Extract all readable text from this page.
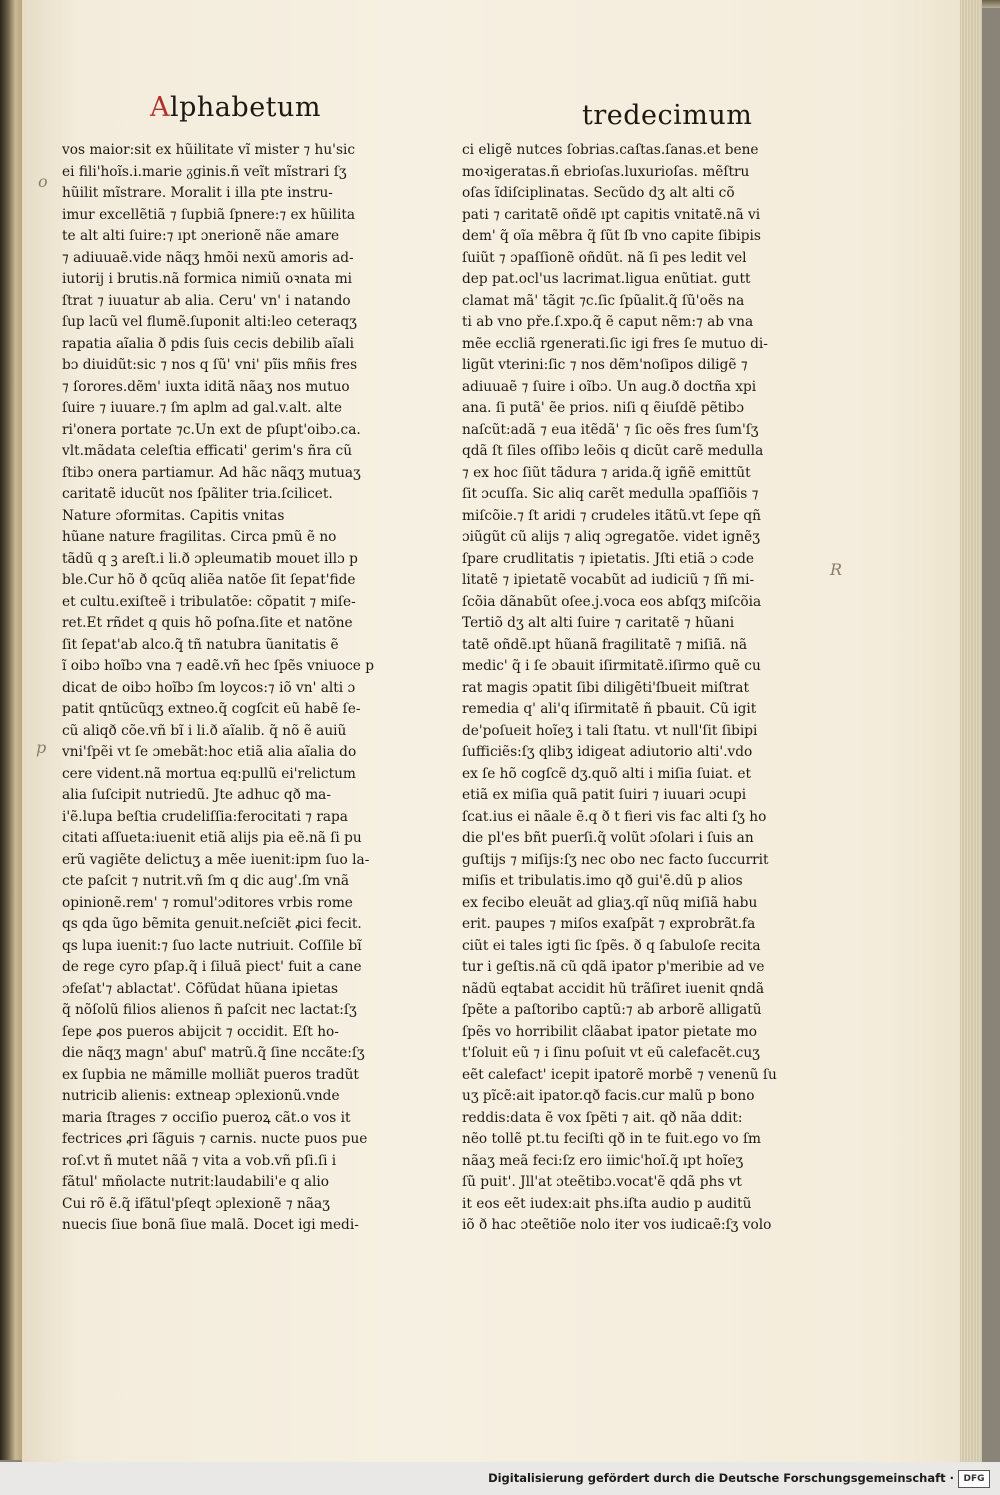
Alphabetum	tredecimum
vos maior:sit ex hũilitate vĩ mister ⁊ hu'sic
ei fili'hoĩs.i.marie ᵹginis.ñ veĩt mĩstrari ſʒ
hũilit mĩstrare. Moralit i illa pte instru-
imur excellẽtiã ⁊ ſupbiã ſpnere:⁊ ex hũilita
te alt alti ſuire:⁊ ıpt ɔnerionẽ nãe amare
⁊ adiuuaẽ.vide nãqʒ hmõi nexũ amoris ad-
iutorij i brutis.nã formica nimiũ oꝛnata mi
ſtrat ⁊ iuuatur ab alia. Ceru' vn' i natando
ſup lacũ vel flumẽ.ſuponit alti:leo ceteraqʒ
rapatia aĩalia ð pdis ſuis cecis debilib aĩali
bɔ diuidũt:sic ⁊ nos q ſũ' vni' pĩis mñis fres
⁊ ſorores.dẽm' iuxta iditã nãaʒ nos mutuo
ſuire ⁊ iuuare.⁊ ſm aplm ad gal.v.alt. alte
ri'onera portate ⁊c.Un ext de pſupt'oibɔ.ca.
vlt.mãdata celeſtia efficati' gerim's ñra cũ
ſtibɔ onera partiamur. Ad hãc nãqʒ mutuaʒ
caritatẽ iducũt nos ſpãliter tria.ſcilicet.
Nature ɔformitas. Capitis vnitas
hũane nature fragilitas. Circa pmũ ẽ no
tãdũ q ꝫ areſt.i li.ð ɔpleumatib mouet illɔ p
ble.Cur hõ ð qcũq aliẽa natõe ſit ſepat'fide
et cultu.exiſteẽ i tribulatõe: cõpatit ⁊ miſe-
ret.Et rñdet q quis hõ poſna.ſite et natõne
ſit ſepat'ab alco.q̃ tñ natubra ũanitatis ẽ
ĩ oibɔ hoĩbɔ vna ⁊ eadẽ.vñ hec ſpẽs vniuoce p
dicat de oibɔ hoĩbɔ ſm loycos:⁊ iõ vn' alti ɔ
patit qntũcũqʒ extneo.q̃ cogſcit eũ habẽ ſe-
cũ aliqð cõe.vñ bĩ i li.ð aĩalib. q̃ nõ ẽ auiũ
vni'ſpẽi vt ſe ɔmebãt:hoc etiã alia aĩalia do
cere vident.nã mortua eq:pullũ ei'relictum
alia ſuſcipit nutriedũ. Jte adhuc qð ma-
i'ẽ.lupa beſtia crudeliſſia:ferocitati ⁊ rapa
citati aſſueta:iuenit etiã alijs pia eẽ.nã ſi pu
erũ vagiẽte delictuʒ a mẽe iuenit:ipm ſuo la-
cte paſcit ⁊ nutrit.vñ ſm q dic aug'.ſm vnã
opinionẽ.rem' ⁊ romul'ɔditores vrbis rome
qs qda ũgo bẽmita genuit.neſciẽt ꝓici fecit.
qs lupa iuenit:⁊ ſuo lacte nutriuit. Coſſile bĩ
de rege cyro pſap.q̃ i ſiluã piect' fuit a cane
ɔfeſat'⁊ ablactat'. Cõfũdat hũana ipietas
q̃ nõſolũ filios alienos ñ paſcit nec lactat:ſʒ
ſepe ꝓos pueros abijcit ⁊ occidit. Eſt ho-
die nãqʒ magn' abuſ' matrũ.q̃ ſine nccãte:ſʒ
ex ſupbia ne mãmille molliãt pueros tradũt
nutricib alienis: extneap ɔplexionũ.vnde
maria ſtrages ⁊ occiſio pueroꝝ cãt.o vos it
fectrices ꝓri ſãguis ⁊ carnis. nucte puos pue
roſ.vt ñ mutet nãã ⁊ vita a vob.vñ pſi.ſi i
fãtul' mñolacte nutrit:laudabili'e q alio
Cui rõ ẽ.q̃ ifãtul'pſeqt ɔplexionẽ ⁊ nãaʒ
nuecis ſiue bonã ſiue malã. Docet igi medi-
ci eligẽ nutces ſobrias.caſtas.ſanas.et bene
moꝛigeratas.ñ ebrioſas.luxurioſas. mẽſtru
oſas ĩdiſciplinatas. Secũdo dʒ alt alti cõ
pati ⁊ caritatẽ oñdẽ ıpt capitis vnitatẽ.nã vi
dem' q̃ oĩa mẽbra q̃ ſũt ſb vno capite ſibipis
ſuiũt ⁊ ɔpaſſionẽ oñdũt. nã ſi pes ledit vel
dep pat.ocl'us lacrimat.ligua enũtiat. gutt
clamat mã' tãgit ⁊c.ſic ſpũalit.q̃ ſũ'oẽs na
ti ab vno pře.ſ.xpo.q̃ ẽ caput nẽm:⁊ ab vna
mẽe eccliã rgenerati.ſic igi fres ſe mutuo di-
ligũt vterini:ſic ⁊ nos dẽm'noſipos diligẽ ⁊
adiuuaẽ ⁊ ſuire i oĩbɔ. Un aug.ð doctña xpi
ana. ſi putã' ẽe prios. niſi q ẽiuſdẽ pẽtibɔ
naſcũt:adã ⁊ eua itẽdã' ⁊ ſic oẽs fres ſum'ſʒ
qdã ſt ſiles oſſibɔ leõis q dicũt carẽ medulla
⁊ ex hoc ſiũt tãdura ⁊ arida.q̃ igñẽ emittũt
ſit ɔcuſſa. Sic aliq carẽt medulla ɔpaſſiõis ⁊
miſcõie.⁊ ſt aridi ⁊ crudeles itãtũ.vt ſepe qñ
ɔiũgũt cũ alijs ⁊ aliq ɔgregatõe. videt ignẽʒ
ſpare crudlitatis ⁊ ipietatis. Jſti etiã ɔ cɔde
litatẽ ⁊ ipietatẽ vocabũt ad iudiciũ ⁊ ſñ mi-
ſcõia dãnabũt oſee.j.voca eos abſqʒ miſcõia
Tertiõ dʒ alt alti ſuire ⁊ caritatẽ ⁊ hũani
tatẽ oñdẽ.ıpt hũanã fragilitatẽ ⁊ miſiã. nã
medic' q̃ i ſe ɔbauit iſirmitatẽ.iſirmo quẽ cu
rat magis ɔpatit ſibi diligẽti'ſbueit miſtrat
remedia q' ali'q iſirmitatẽ ñ pbauit. Cũ igit
de'poſueit hoĩeʒ i tali ſtatu. vt null'ſit ſibipi
ſufficiẽs:ſʒ qlibʒ idigeat adiutorio alti'.vdo
ex ſe hõ cogſcẽ dʒ.quõ alti i miſia ſuiat. et
etiã ex miſia quã patit ſuiri ⁊ iuuari ɔcupi
ſcat.ius ei nãale ẽ.q ð t fieri vis fac alti ſʒ ho
die pl'es bñt puerſi.q̃ volũt ɔſolari i ſuis an
guſtijs ⁊ miſijs:ſʒ nec obo nec facto ſuccurrit
miſis et tribulatis.imo qð gui'ẽ.dũ p alios
ex fecibo eleuãt ad gliaʒ.qĩ nũq miſiã habu
erit. paupes ⁊ miſos exaſpãt ⁊ exprobrãt.fa
ciũt ei tales igti ſic ſpẽs. ð q ſabuloſe recita
tur i geſtis.nã cũ qdã ipator p'meribie ad ve
nãdũ eqtabat accidit hũ trãſiret iuenit qndã
ſpẽte a paſtoribo captũ:⁊ ab arborẽ alligatũ
ſpẽs vo horribilit clãabat ipator pietate mo
t'ſoluit eũ ⁊ i ſinu poſuit vt eũ calefacẽt.cuʒ
eẽt calefact' icepit ipatorẽ morbẽ ⁊ venenũ ſu
uʒ pĩcẽ:ait ipator.qð facis.cur malũ p bono
reddis:data ẽ vox ſpẽti ⁊ ait. qð nãa ddit:
nẽo tollẽ pt.tu feciſti qð in te fuit.ego vo ſm
nãaʒ meã feci:ſz ero iimic'hoĩ.q̃ ıpt hoĩeʒ
ſũ puit'. Jll'at ɔteẽtibɔ.vocat'ẽ qdã phs vt
it eos eẽt iudex:ait phs.iſta audio p auditũ
iõ ð hac ɔteẽtiõe nolo iter vos iudicaẽ:ſʒ volo
o
p
R
Digitalisierung gefördert durch die Deutsche Forschungsgemeinschaft ·	DFG
